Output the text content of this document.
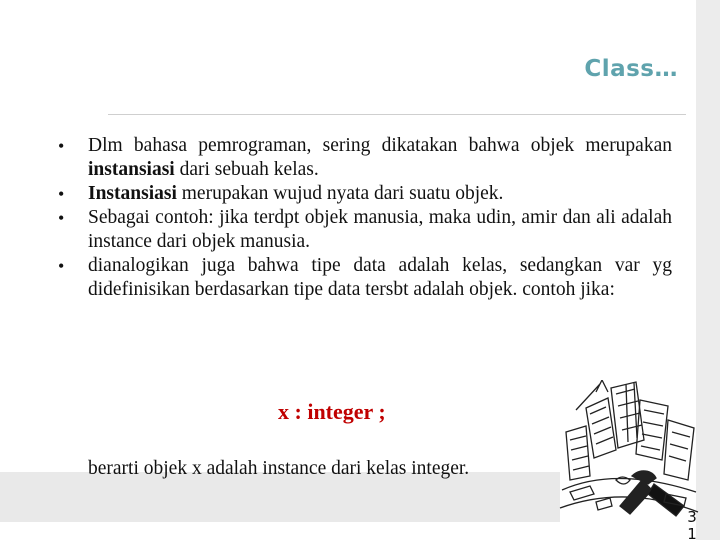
Class…
• Dlm bahasa pemrograman, sering dikatakan bahwa objek merupakan instansiasi dari sebuah kelas.
• Instansiasi merupakan wujud nyata dari suatu objek.
• Sebagai contoh: jika terdpt objek manusia, maka udin, amir dan ali adalah instance dari objek manusia.
• dianalogikan juga bahwa tipe data adalah kelas, sedangkan var yg didefinisikan berdasarkan tipe data tersbt adalah objek. contoh jika:
x : integer ;
berarti objek x adalah instance dari kelas integer.
3 1
